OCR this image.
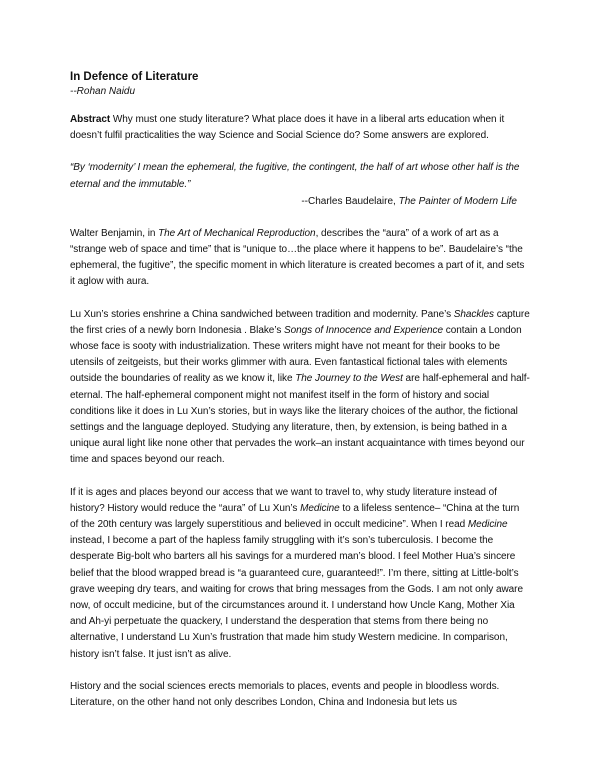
In Defence of Literature
--Rohan Naidu

Abstract Why must one study literature? What place does it have in a liberal arts education when it doesn’t fulfil practicalities the way Science and Social Science do? Some answers are explored.

“By ‘modernity’ I mean the ephemeral, the fugitive, the contingent, the half of art whose other half is the eternal and the immutable.”

--Charles Baudelaire, The Painter of Modern Life

Walter Benjamin, in The Art of Mechanical Reproduction, describes the “aura” of a work of art as a “strange web of space and time” that is “unique to…the place where it happens to be”. Baudelaire’s “the ephemeral, the fugitive”, the specific moment in which literature is created becomes a part of it, and sets it aglow with aura.

Lu Xun’s stories enshrine a China sandwiched between tradition and modernity. Pane’s Shackles capture the first cries of a newly born Indonesia . Blake’s Songs of Innocence and Experience contain a London whose face is sooty with industrialization. These writers might have not meant for their books to be utensils of zeitgeists, but their works glimmer with aura. Even fantastical fictional tales with elements outside the boundaries of reality as we know it, like The Journey to the West are half-ephemeral and half-eternal. The half-ephemeral component might not manifest itself in the form of history and social conditions like it does in Lu Xun’s stories, but in ways like the literary choices of the author, the fictional settings and the language deployed. Studying any literature, then, by extension, is being bathed in a unique aural light like none other that pervades the work–an instant acquaintance with times beyond our time and spaces beyond our reach.

If it is ages and places beyond our access that we want to travel to, why study literature instead of history? History would reduce the “aura” of Lu Xun’s Medicine to a lifeless sentence– “China at the turn of the 20th century was largely superstitious and believed in occult medicine”. When I read Medicine instead, I become a part of the hapless family struggling with it’s son’s tuberculosis. I become the desperate Big-bolt who barters all his savings for a murdered man’s blood. I feel Mother Hua’s sincere belief that the blood wrapped bread is “a guaranteed cure, guaranteed!”. I’m there, sitting at Little-bolt’s grave weeping dry tears, and waiting for crows that bring messages from the Gods. I am not only aware now, of occult medicine, but of the circumstances around it. I understand how Uncle Kang, Mother Xia and Ah-yi perpetuate the quackery, I understand the desperation that stems from there being no alternative, I understand Lu Xun’s frustration that made him study Western medicine. In comparison, history isn’t false. It just isn’t as alive.

History and the social sciences erects memorials to places, events and people in bloodless words. Literature, on the other hand not only describes London, China and Indonesia but lets us
